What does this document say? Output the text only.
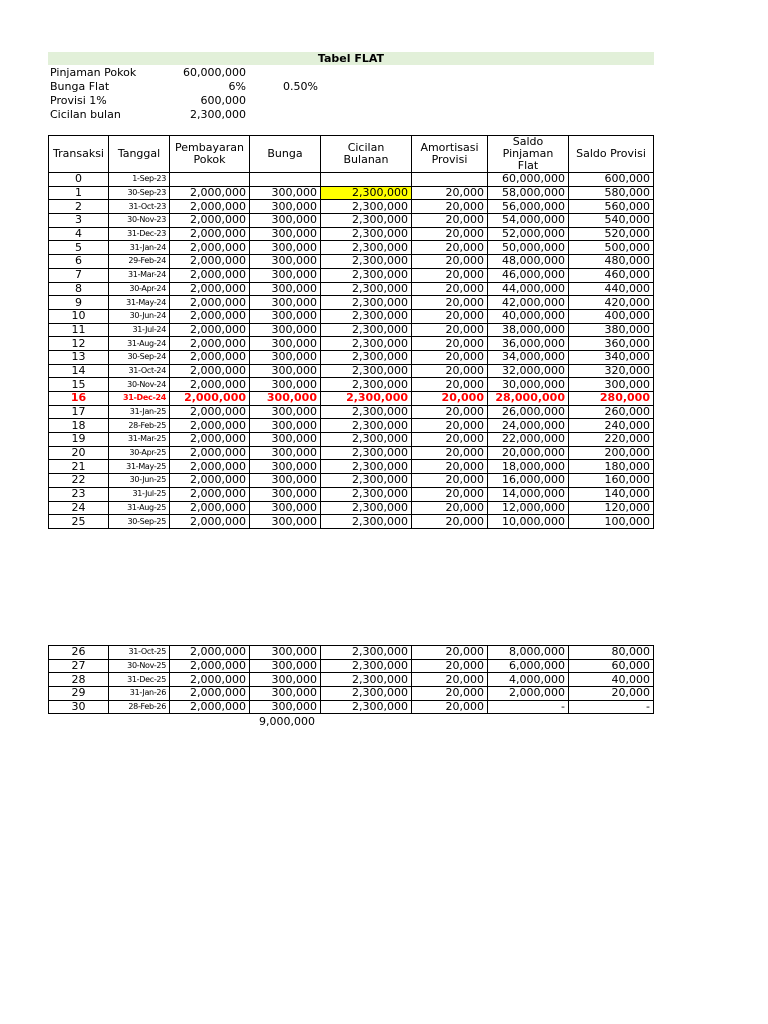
Tabel FLAT
Pinjaman Pokok	60,000,000
Bunga Flat	6%	0.50%
Provisi 1%	600,000
Cicilan bulan	2,300,000
Transaksi	Tanggal	Pembayaran Pokok	Bunga	Cicilan Bulanan	Amortisasi Provisi	Saldo Pinjaman Flat	Saldo Provisi
0	1-Sep-23					60,000,000	600,000
1	30-Sep-23	2,000,000	300,000	2,300,000	20,000	58,000,000	580,000
2	31-Oct-23	2,000,000	300,000	2,300,000	20,000	56,000,000	560,000
3	30-Nov-23	2,000,000	300,000	2,300,000	20,000	54,000,000	540,000
4	31-Dec-23	2,000,000	300,000	2,300,000	20,000	52,000,000	520,000
5	31-Jan-24	2,000,000	300,000	2,300,000	20,000	50,000,000	500,000
6	29-Feb-24	2,000,000	300,000	2,300,000	20,000	48,000,000	480,000
7	31-Mar-24	2,000,000	300,000	2,300,000	20,000	46,000,000	460,000
8	30-Apr-24	2,000,000	300,000	2,300,000	20,000	44,000,000	440,000
9	31-May-24	2,000,000	300,000	2,300,000	20,000	42,000,000	420,000
10	30-Jun-24	2,000,000	300,000	2,300,000	20,000	40,000,000	400,000
11	31-Jul-24	2,000,000	300,000	2,300,000	20,000	38,000,000	380,000
12	31-Aug-24	2,000,000	300,000	2,300,000	20,000	36,000,000	360,000
13	30-Sep-24	2,000,000	300,000	2,300,000	20,000	34,000,000	340,000
14	31-Oct-24	2,000,000	300,000	2,300,000	20,000	32,000,000	320,000
15	30-Nov-24	2,000,000	300,000	2,300,000	20,000	30,000,000	300,000
16	31-Dec-24	2,000,000	300,000	2,300,000	20,000	28,000,000	280,000
17	31-Jan-25	2,000,000	300,000	2,300,000	20,000	26,000,000	260,000
18	28-Feb-25	2,000,000	300,000	2,300,000	20,000	24,000,000	240,000
19	31-Mar-25	2,000,000	300,000	2,300,000	20,000	22,000,000	220,000
20	30-Apr-25	2,000,000	300,000	2,300,000	20,000	20,000,000	200,000
21	31-May-25	2,000,000	300,000	2,300,000	20,000	18,000,000	180,000
22	30-Jun-25	2,000,000	300,000	2,300,000	20,000	16,000,000	160,000
23	31-Jul-25	2,000,000	300,000	2,300,000	20,000	14,000,000	140,000
24	31-Aug-25	2,000,000	300,000	2,300,000	20,000	12,000,000	120,000
25	30-Sep-25	2,000,000	300,000	2,300,000	20,000	10,000,000	100,000
26	31-Oct-25	2,000,000	300,000	2,300,000	20,000	8,000,000	80,000
27	30-Nov-25	2,000,000	300,000	2,300,000	20,000	6,000,000	60,000
28	31-Dec-25	2,000,000	300,000	2,300,000	20,000	4,000,000	40,000
29	31-Jan-26	2,000,000	300,000	2,300,000	20,000	2,000,000	20,000
30	28-Feb-26	2,000,000	300,000	2,300,000	20,000	-	-
9,000,000
